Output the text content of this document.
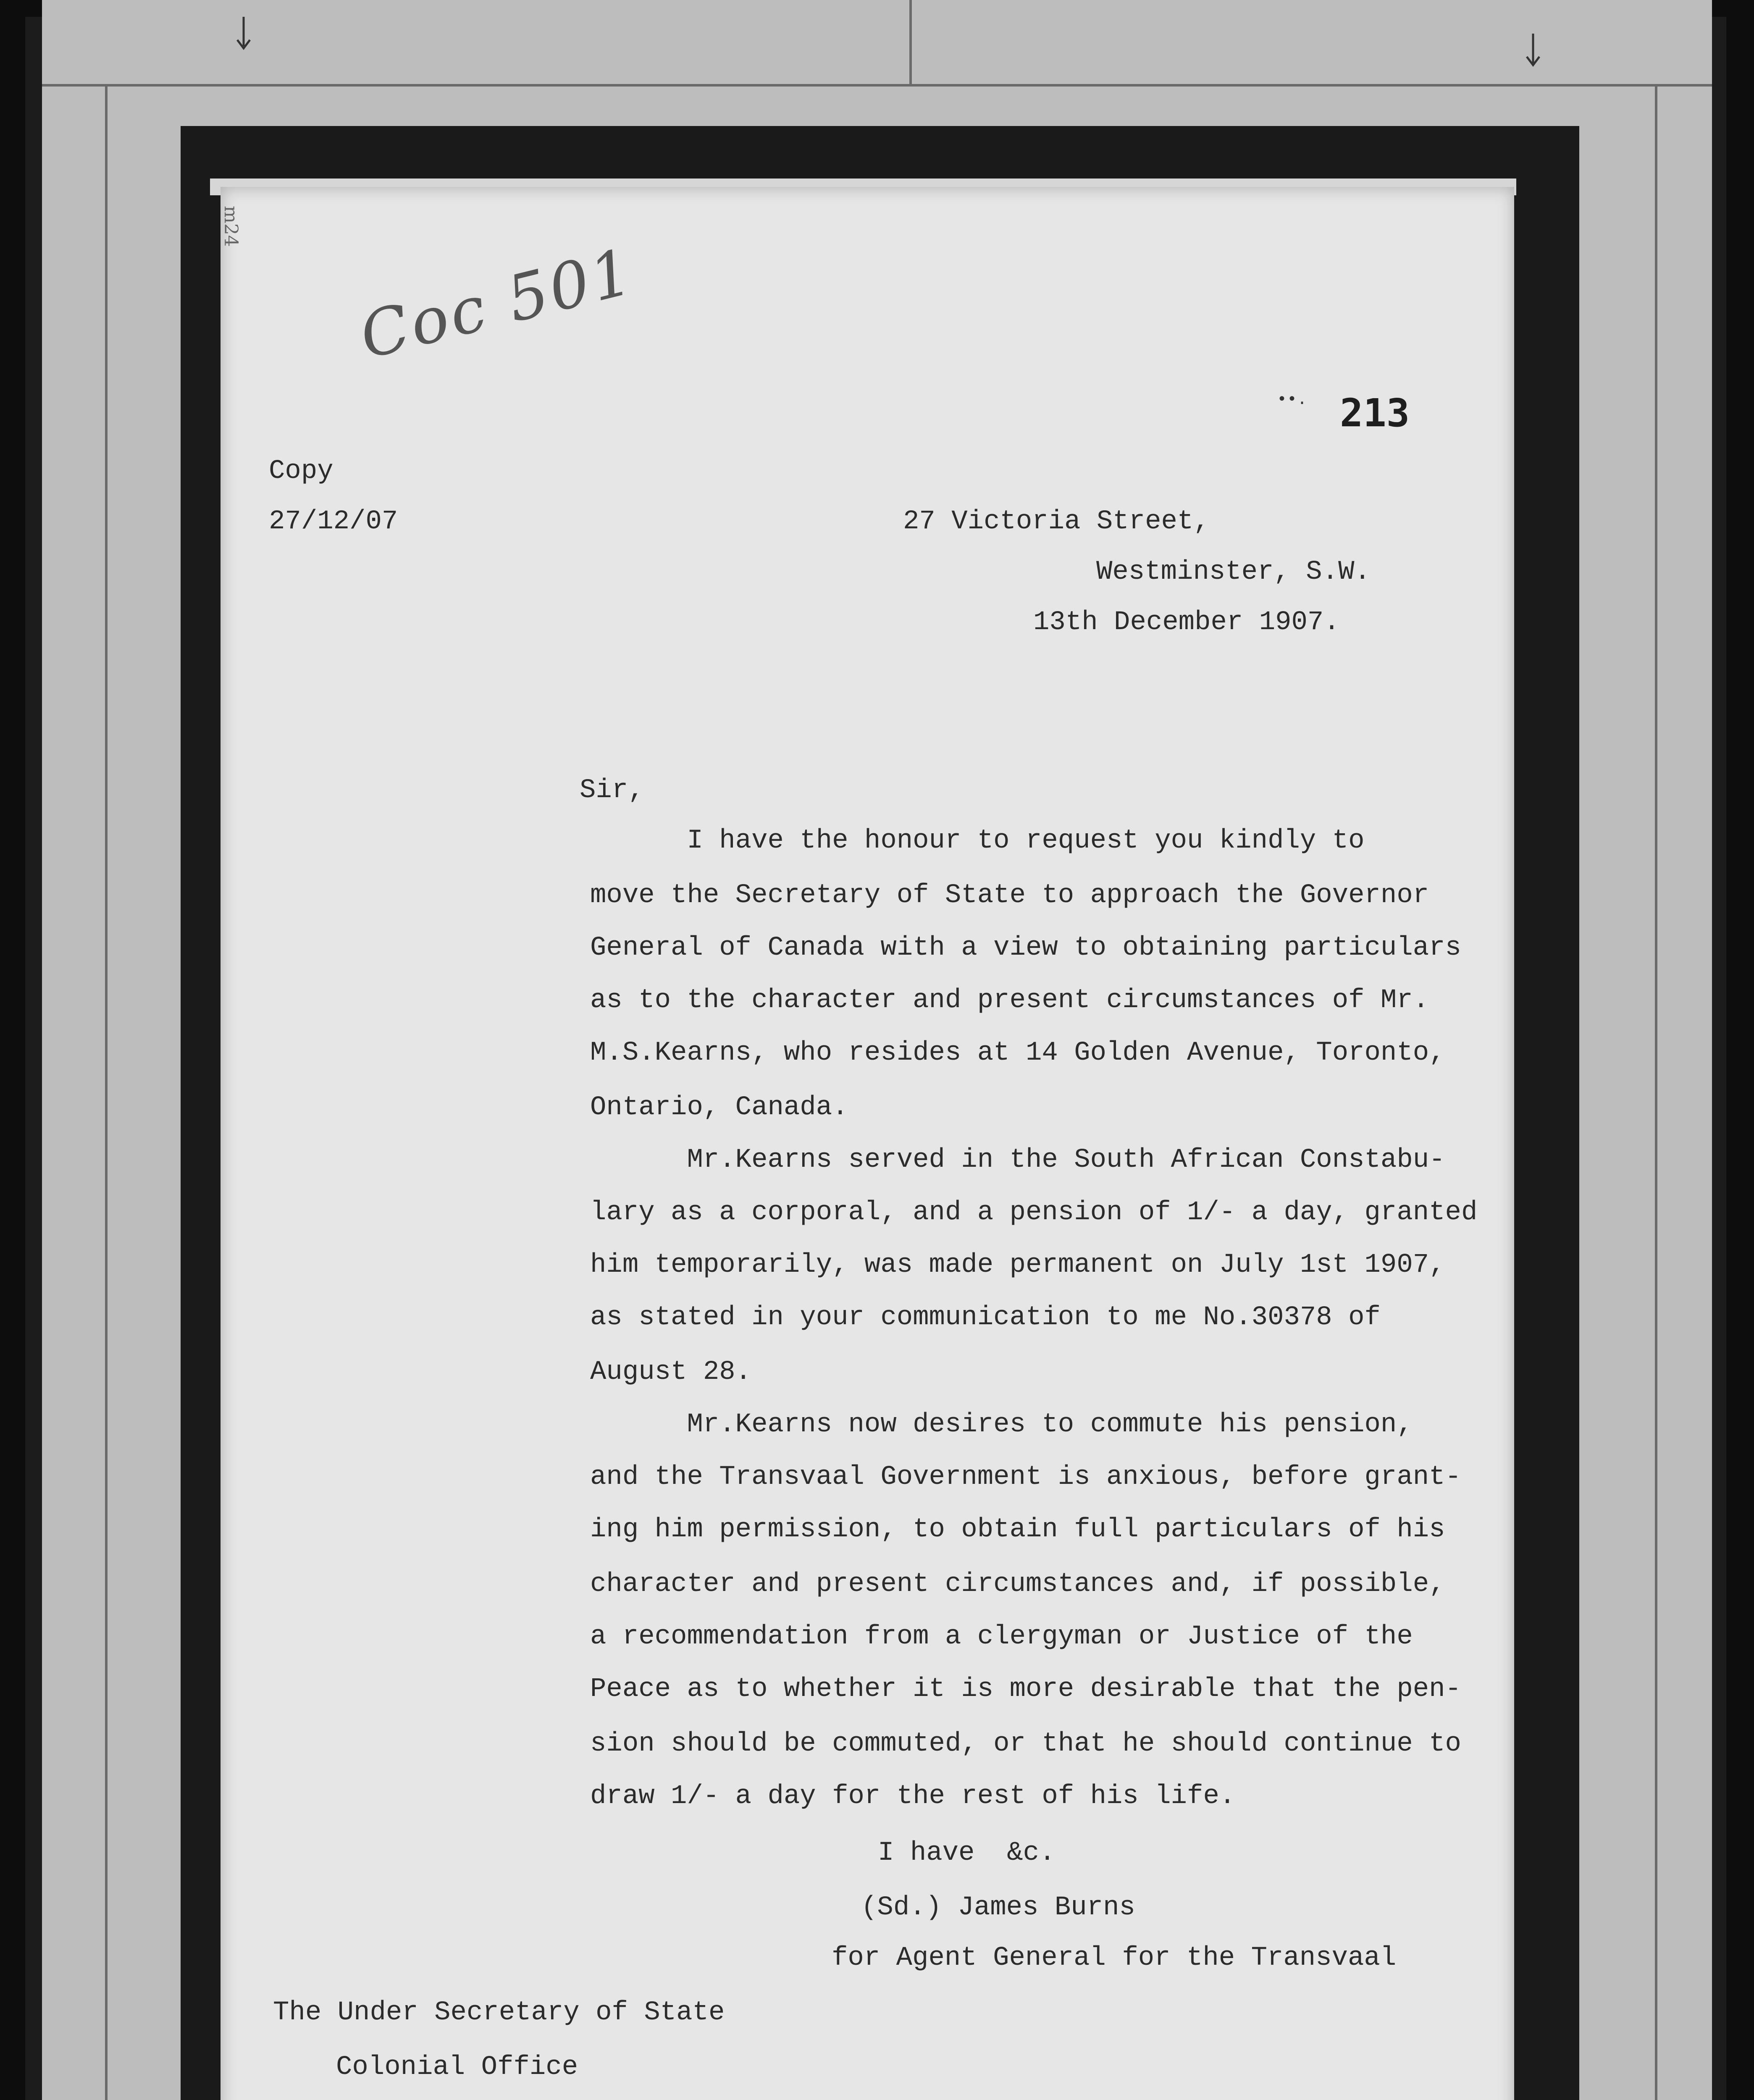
m24
Coc 501
••. 213
Copy
27/12/07	27 Victoria Street,
Westminster, S.W.
13th December 1907.
Sir,
I have the honour to request you kindly to
move the Secretary of State to approach the Governor
General of Canada with a view to obtaining particulars
as to the character and present circumstances of Mr.
M.S.Kearns, who resides at 14 Golden Avenue, Toronto,
Ontario, Canada.
Mr.Kearns served in the South African Constabu-
lary as a corporal, and a pension of 1/- a day, granted
him temporarily, was made permanent on July 1st 1907,
as stated in your communication to me No.30378 of
August 28.
Mr.Kearns now desires to commute his pension,
and the Transvaal Government is anxious, before grant-
ing him permission, to obtain full particulars of his
character and present circumstances and, if possible,
a recommendation from a clergyman or Justice of the
Peace as to whether it is more desirable that the pen-
sion should be commuted, or that he should continue to
draw 1/- a day for the rest of his life.
I have  &c.
(Sd.) James Burns
for Agent General for the Transvaal
The Under Secretary of State
Colonial Office
